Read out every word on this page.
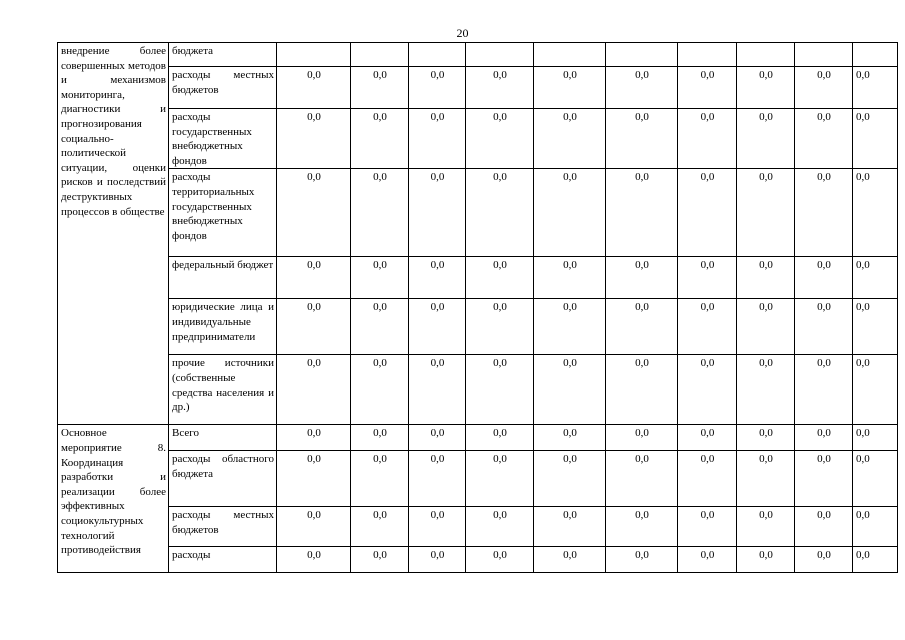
20
внедрение более совершенных методов и механизмов мониторинга, диагностики и прогнозирования социально-политической ситуации, оценки рисков и последствий деструктивных процессов в обществе	бюджета										
	расходы местных бюджетов	0,0	0,0	0,0	0,0	0,0	0,0	0,0	0,0	0,0	0,0
	расходы государственных внебюджетных фондов	0,0	0,0	0,0	0,0	0,0	0,0	0,0	0,0	0,0	0,0
	расходы территориальных государственных внебюджетных фондов	0,0	0,0	0,0	0,0	0,0	0,0	0,0	0,0	0,0	0,0
	федеральный бюджет	0,0	0,0	0,0	0,0	0,0	0,0	0,0	0,0	0,0	0,0
	юридические лица и индивидуальные предприниматели	0,0	0,0	0,0	0,0	0,0	0,0	0,0	0,0	0,0	0,0
	прочие источники (собственные средства населения и др.)	0,0	0,0	0,0	0,0	0,0	0,0	0,0	0,0	0,0	0,0
Основное мероприятие 8. Координация разработки и реализации более эффективных социокультурных технологий противодействия	Всего	0,0	0,0	0,0	0,0	0,0	0,0	0,0	0,0	0,0	0,0
	расходы областного бюджета	0,0	0,0	0,0	0,0	0,0	0,0	0,0	0,0	0,0	0,0
	расходы местных бюджетов	0,0	0,0	0,0	0,0	0,0	0,0	0,0	0,0	0,0	0,0
	расходы	0,0	0,0	0,0	0,0	0,0	0,0	0,0	0,0	0,0	0,0
